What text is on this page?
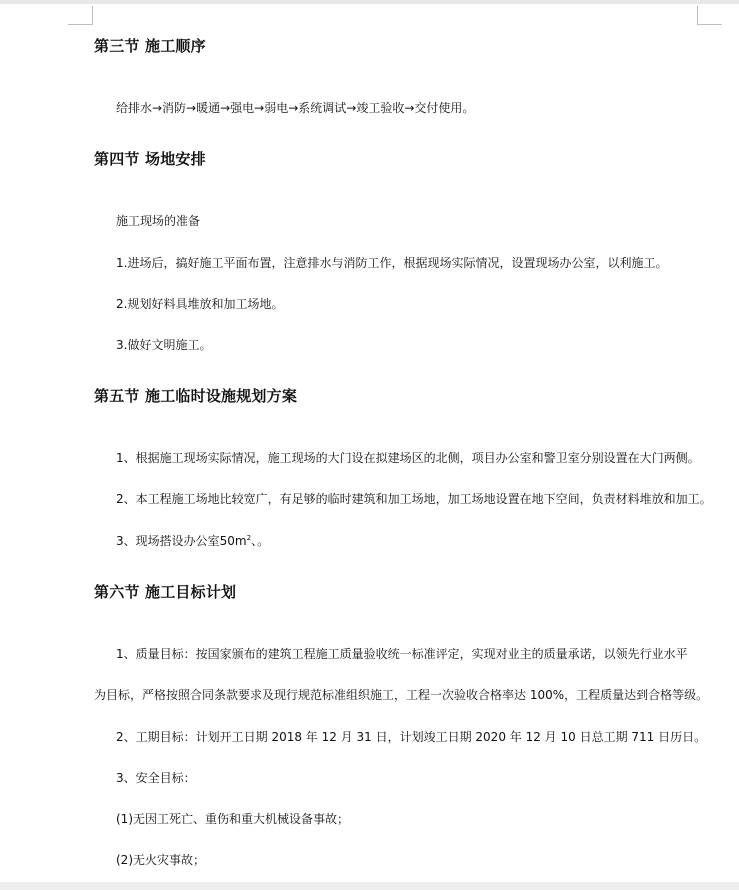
第三节 施工顺序
给排水→消防→暖通→强电→弱电→系统调试→竣工验收→交付使用。
第四节 场地安排
施工现场的准备
1.进场后，搞好施工平面布置，注意排水与消防工作，根据现场实际情况，设置现场办公室，以利施工。
2.规划好料具堆放和加工场地。
3.做好文明施工。
第五节 施工临时设施规划方案
1、根据施工现场实际情况，施工现场的大门设在拟建场区的北侧，项目办公室和警卫室分别设置在大门两侧。
2、本工程施工场地比较宽广，有足够的临时建筑和加工场地，加工场地设置在地下空间，负责材料堆放和加工。
3、现场搭设办公室$50m^2$、。
第六节 施工目标计划
1、质量目标：按国家颁布的建筑工程施工质量验收统一标准评定，实现对业主的质量承诺，以领先行业水平
为目标，严格按照合同条款要求及现行规范标准组织施工，工程一次验收合格率达 100%，工程质量达到合格等级。
2、工期目标：计划开工日期 2018 年 12 月 31 日，计划竣工日期 2020 年 12 月 10 日总工期 711 日历日。
3、安全目标：
(1)无因工死亡、重伤和重大机械设备事故；
(2)无火灾事故；
